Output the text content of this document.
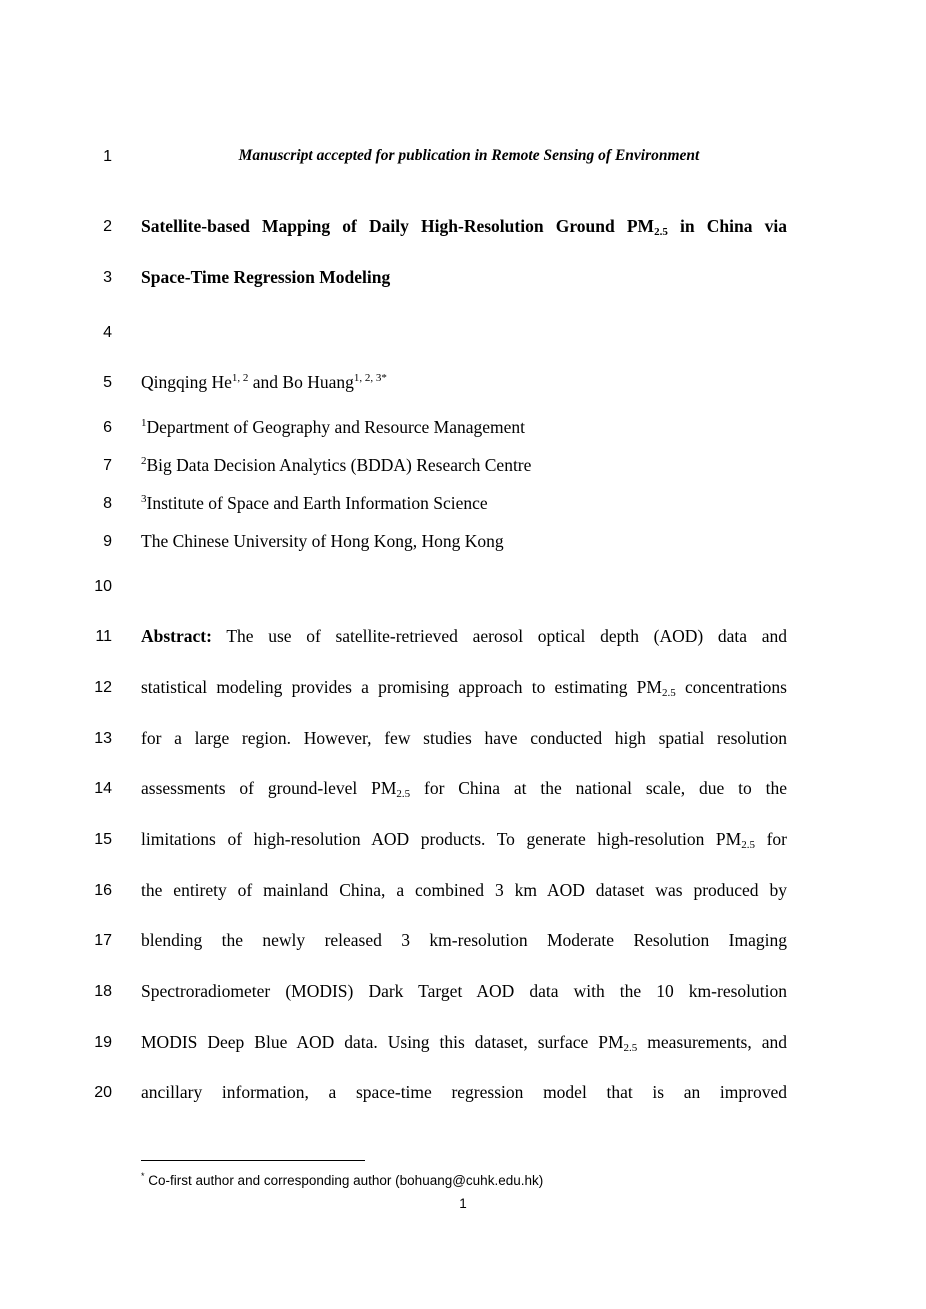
* Co-first author and corresponding author (bohuang@cuhk.edu.hk)
1
1	Manuscript accepted for publication in Remote Sensing of Environment
2 Satellite-based Mapping of Daily High-Resolution Ground $PM_{2.5}$ in China via
3 Space-Time Regression Modeling
4
5 Qingqing He$^{1, 2}$ and Bo Huang$^{1, 2, 3*}$
6	$^1$Department of Geography and Resource Management
7	$^2$Big Data Decision Analytics (BDDA) Research Centre
8	$^3$Institute of Space and Earth Information Science
9 The Chinese University of Hong Kong, Hong Kong
10
11 Abstract: The use of satellite-retrieved aerosol optical depth (AOD) data and
12 statistical modeling provides a promising approach to estimating $PM_{2.5}$ concentrations
13 for a large region. However, few studies have conducted high spatial resolution
14 assessments of ground-level $PM_{2.5}$ for China at the national scale, due to the
15 limitations of high-resolution AOD products. To generate high-resolution $PM_{2.5}$ for
16 the entirety of mainland China, a combined 3 km AOD dataset was produced by
17 blending the newly released 3 km-resolution Moderate Resolution Imaging
18 Spectroradiometer (MODIS) Dark Target AOD data with the 10 km-resolution
19 MODIS Deep Blue AOD data. Using this dataset, surface $PM_{2.5}$ measurements, and
20 ancillary information, a space-time regression model that is an improved
